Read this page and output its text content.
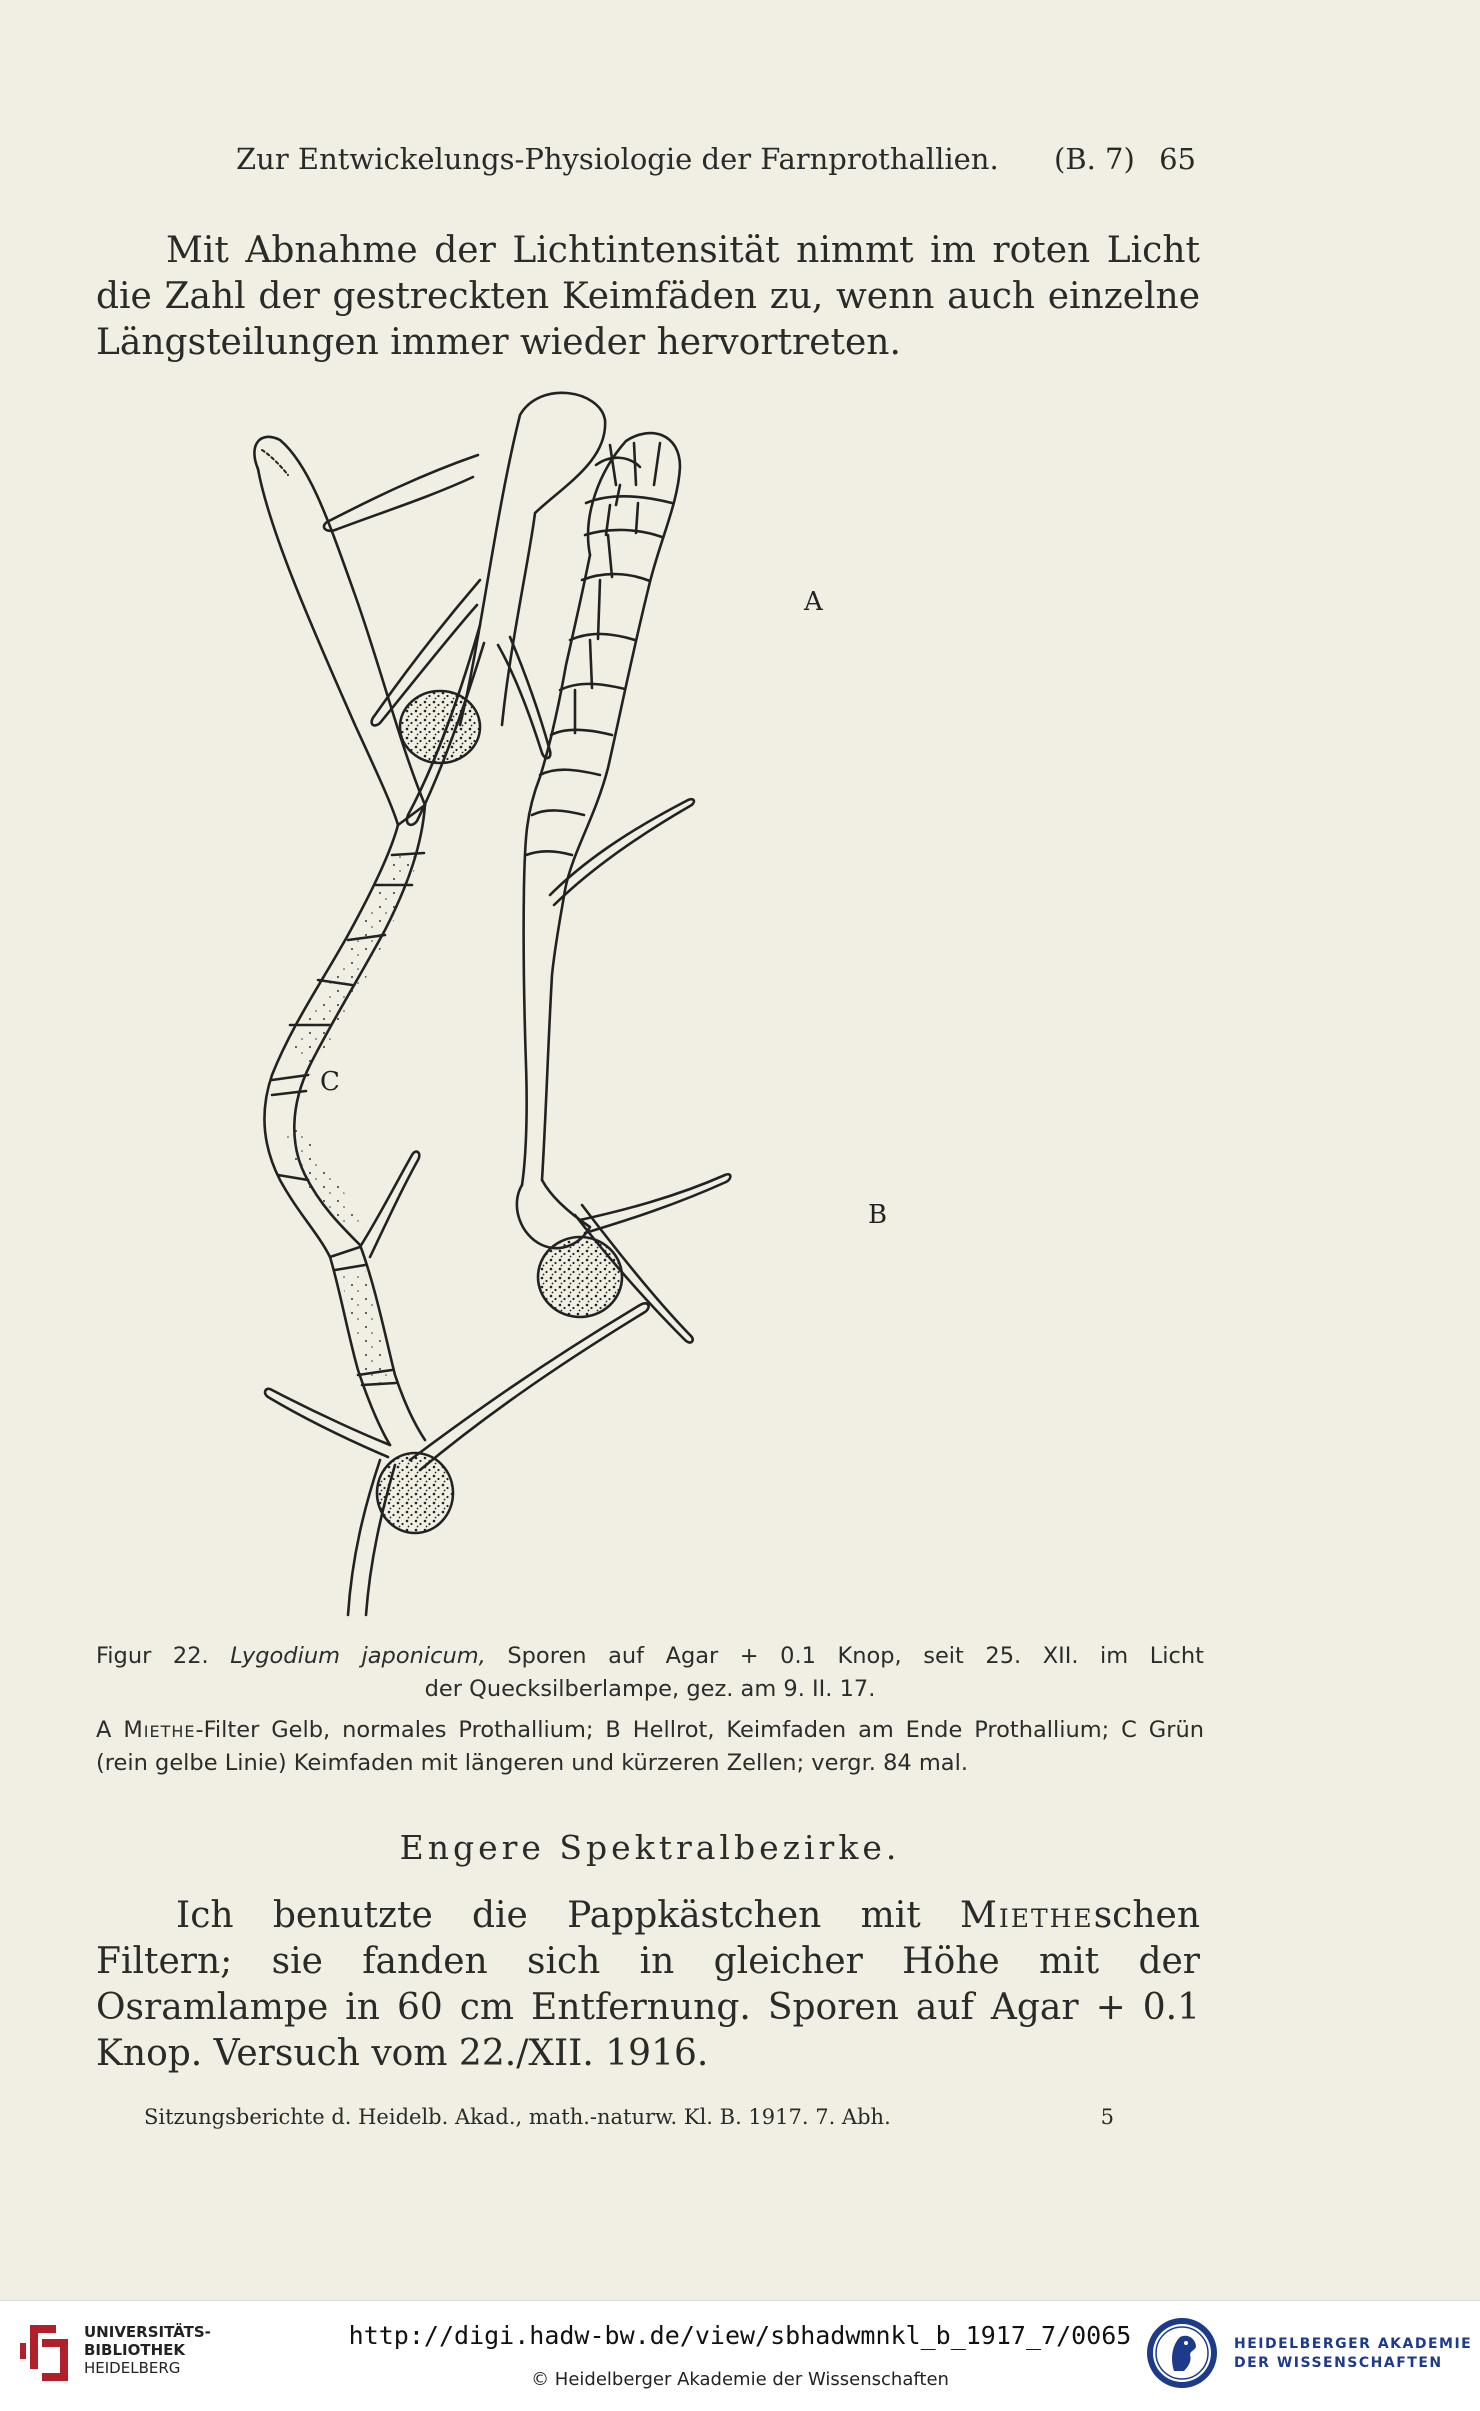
Zur Entwickelungs-Physiologie der Farnprothallien. (B. 7) 65
Mit Abnahme der Lichtintensität nimmt im roten Licht die Zahl der gestreckten Keimfäden zu, wenn auch einzelne Längsteilungen immer wieder hervortreten.
A
B
C
Figur 22. Lygodium japonicum, Sporen auf Agar + 0.1 Knop, seit 25. XII. im Licht
der Quecksilberlampe, gez. am 9. II. 17.
A Miethe-Filter Gelb, normales Prothallium; B Hellrot, Keimfaden am Ende Prothallium; C Grün (rein gelbe Linie) Keimfaden mit längeren und kürzeren Zellen; vergr. 84 mal.
Engere Spektralbezirke.
Ich benutzte die Pappkästchen mit Mietheschen Filtern; sie fanden sich in gleicher Höhe mit der Osramlampe in 60 cm Entfernung. Sporen auf Agar + 0.1 Knop. Versuch vom 22./XII. 1916.
Sitzungsberichte d. Heidelb. Akad., math.-naturw. Kl. B. 1917. 7. Abh.	5
UNIVERSITÄTS-
BIBLIOTHEK
HEIDELBERG
http://digi.hadw-bw.de/view/sbhadwmnkl_b_1917_7/0065
© Heidelberger Akademie der Wissenschaften
HEIDELBERGER AKADEMIE
DER WISSENSCHAFTEN
